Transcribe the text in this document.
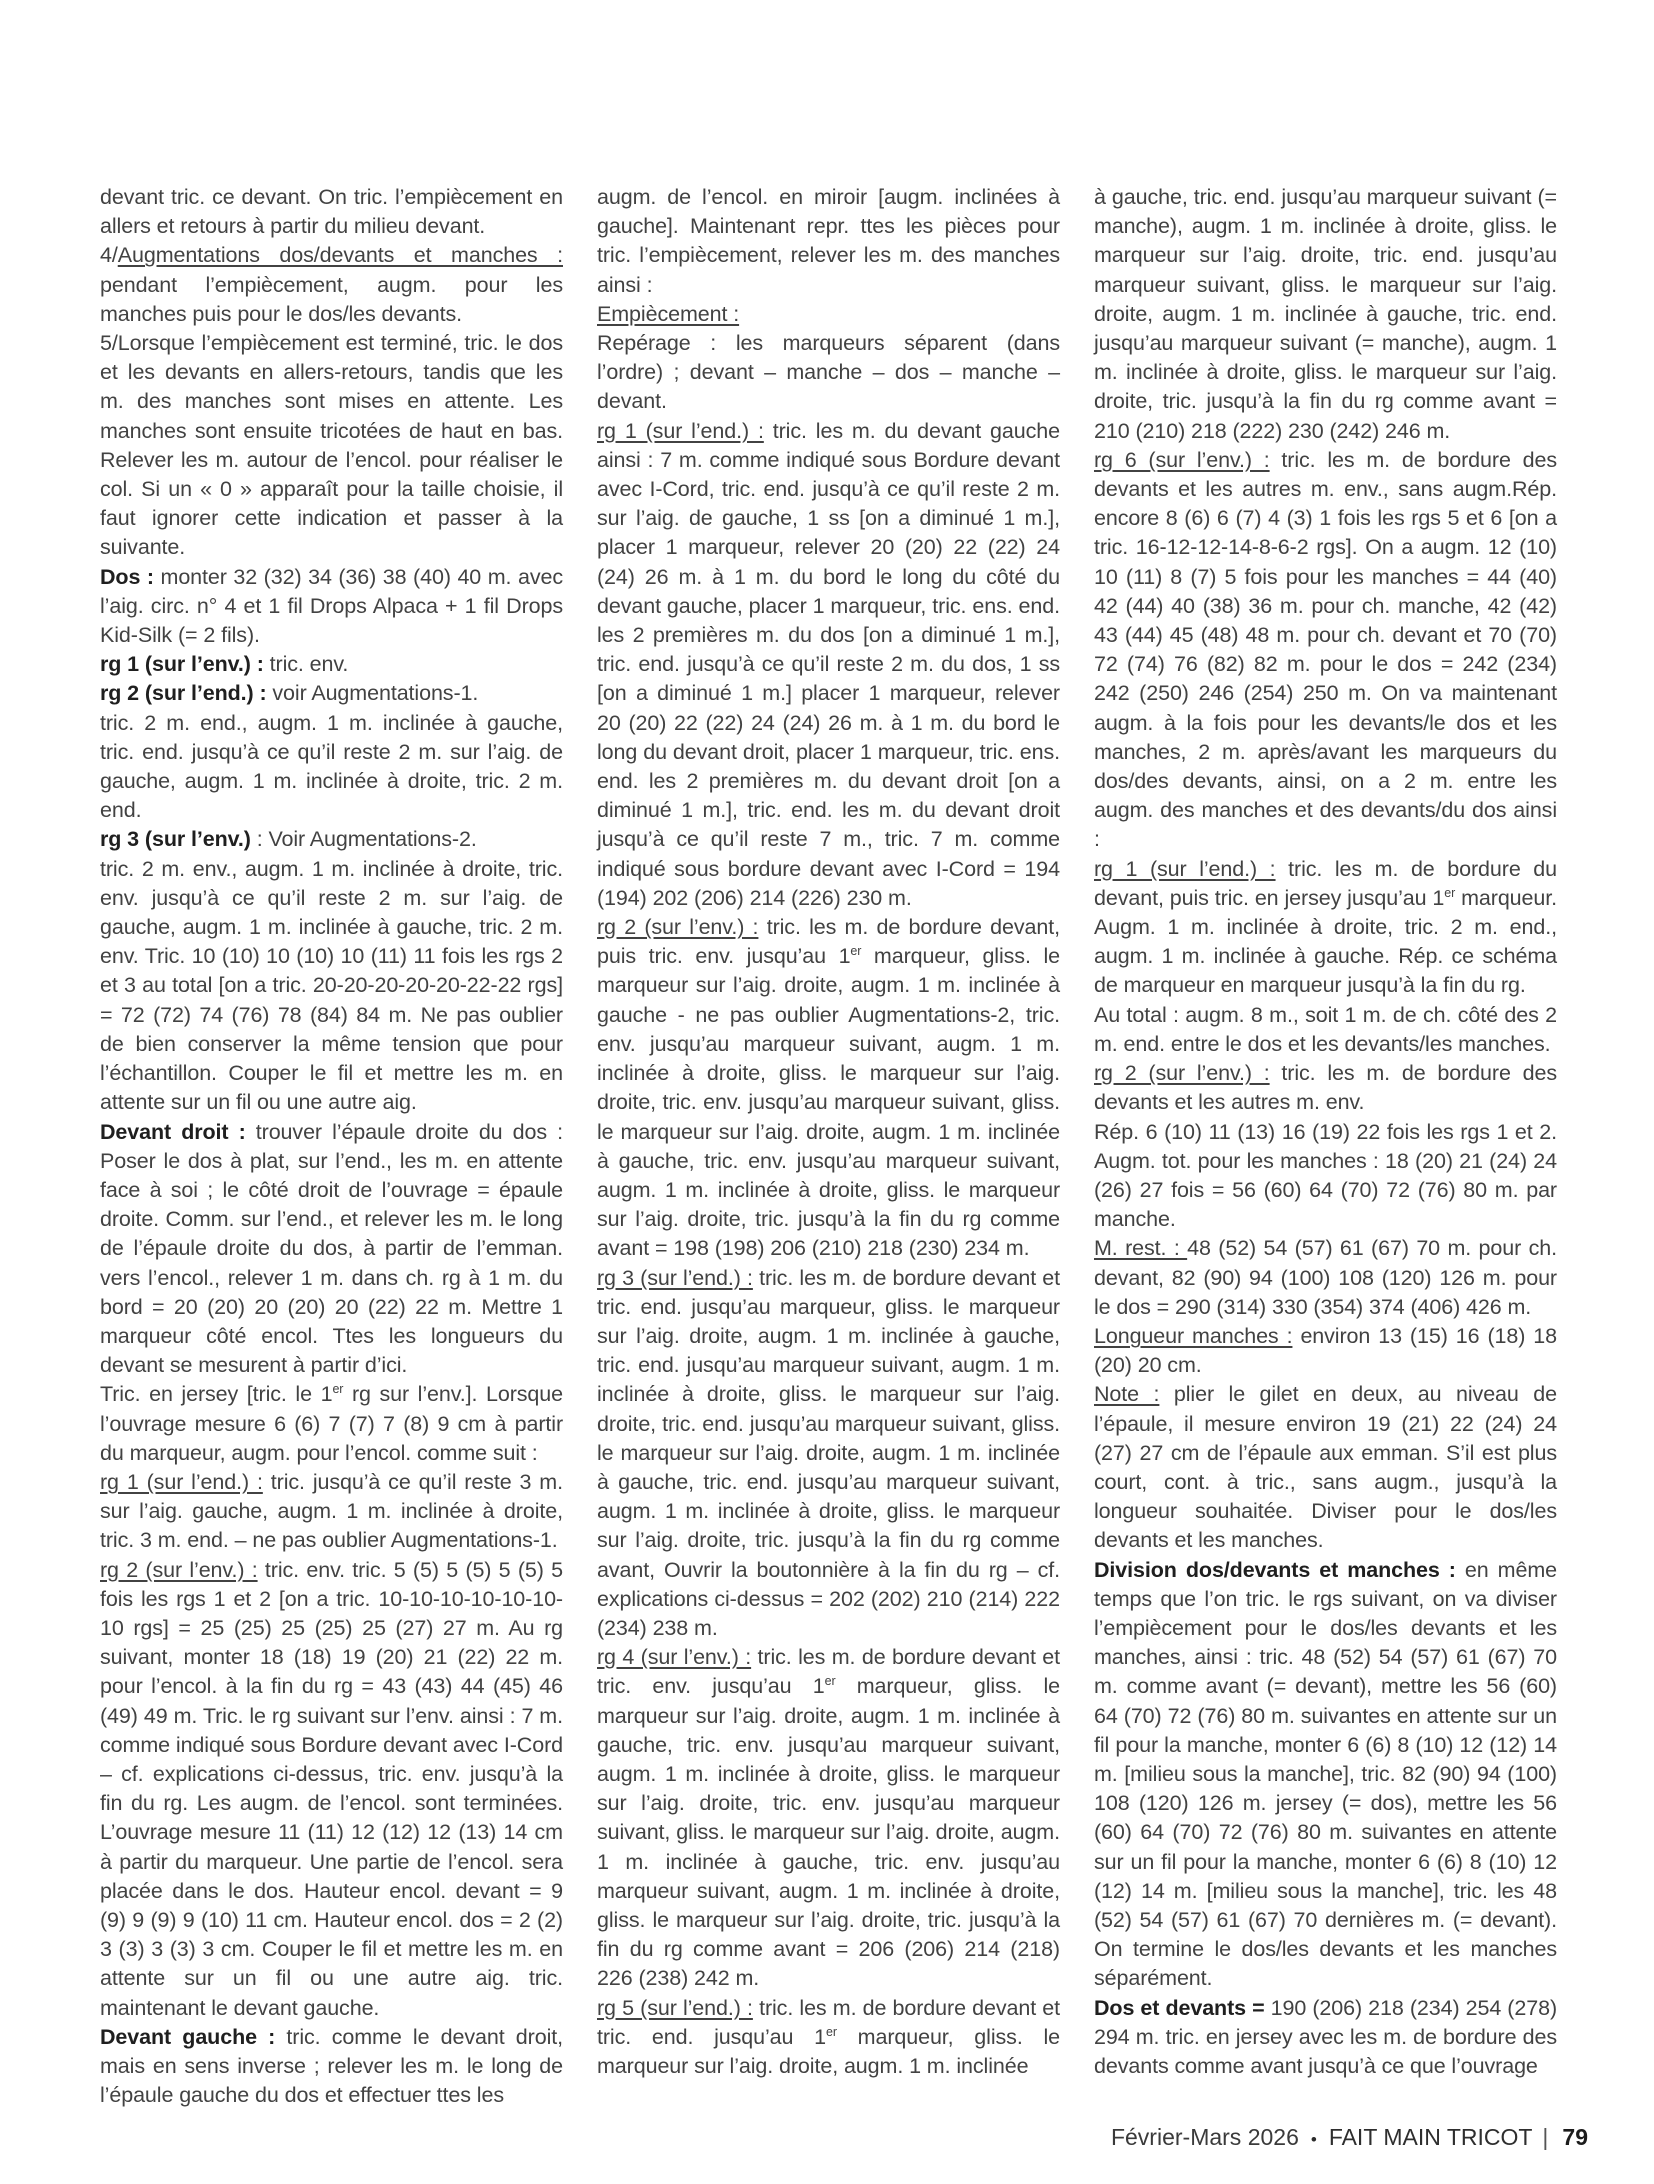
devant tric. ce devant. On tric. l’empiècement en allers et retours à partir du milieu devant.

4/Augmentations dos/devants et manches : pendant l’empiècement, augm. pour les manches puis pour le dos/les devants.

5/Lorsque l’empiècement est terminé, tric. le dos et les devants en allers-retours, tandis que les m. des manches sont mises en attente. Les manches sont ensuite tricotées de haut en bas. Relever les m. autour de l’encol. pour réaliser le col. Si un « 0 » apparaît pour la taille choisie, il faut ignorer cette indication et passer à la suivante.

Dos : monter 32 (32) 34 (36) 38 (40) 40 m. avec l’aig. circ. n° 4 et 1 fil Drops Alpaca + 1 fil Drops Kid-Silk (= 2 fils).

rg 1 (sur l’env.) : tric. env.

rg 2 (sur l’end.) : voir Augmentations-1.

tric. 2 m. end., augm. 1 m. inclinée à gauche, tric. end. jusqu’à ce qu’il reste 2 m. sur l’aig. de gauche, augm. 1 m. inclinée à droite, tric. 2 m. end.

rg 3 (sur l’env.) : Voir Augmentations-2.

tric. 2 m. env., augm. 1 m. inclinée à droite, tric. env. jusqu’à ce qu’il reste 2 m. sur l’aig. de gauche, augm. 1 m. inclinée à gauche, tric. 2 m. env. Tric. 10 (10) 10 (10) 10 (11) 11 fois les rgs 2 et 3 au total [on a tric. 20-20-20-20-20-22-22 rgs] = 72 (72) 74 (76) 78 (84) 84 m. Ne pas oublier de bien conserver la même tension que pour l’échantillon. Couper le fil et mettre les m. en attente sur un fil ou une autre aig.

Devant droit : trouver l’épaule droite du dos : Poser le dos à plat, sur l’end., les m. en attente face à soi ; le côté droit de l’ouvrage = épaule droite. Comm. sur l’end., et relever les m. le long de l’épaule droite du dos, à partir de l’emman. vers l’encol., relever 1 m. dans ch. rg à 1 m. du bord = 20 (20) 20 (20) 20 (22) 22 m. Mettre 1 marqueur côté encol. Ttes les longueurs du devant se mesurent à partir d’ici.

Tric. en jersey [tric. le 1er rg sur l’env.]. Lorsque l’ouvrage mesure 6 (6) 7 (7) 7 (8) 9 cm à partir du marqueur, augm. pour l’encol. comme suit :

rg 1 (sur l’end.) : tric. jusqu’à ce qu’il reste 3 m. sur l’aig. gauche, augm. 1 m. inclinée à droite, tric. 3 m. end. – ne pas oublier Augmentations-1.

rg 2 (sur l’env.) : tric. env. tric. 5 (5) 5 (5) 5 (5) 5 fois les rgs 1 et 2 [on a tric. 10-10-10-10-10-10-10 rgs] = 25 (25) 25 (25) 25 (27) 27 m. Au rg suivant, monter 18 (18) 19 (20) 21 (22) 22 m. pour l’encol. à la fin du rg = 43 (43) 44 (45) 46 (49) 49 m. Tric. le rg suivant sur l’env. ainsi : 7 m. comme indiqué sous Bordure devant avec I-Cord – cf. explications ci-dessus, tric. env. jusqu’à la fin du rg. Les augm. de l’encol. sont terminées. L’ouvrage mesure 11 (11) 12 (12) 12 (13) 14 cm à partir du marqueur. Une partie de l’encol. sera placée dans le dos. Hauteur encol. devant = 9 (9) 9 (9) 9 (10) 11 cm. Hauteur encol. dos = 2 (2) 3 (3) 3 (3) 3 cm. Couper le fil et mettre les m. en attente sur un fil ou une autre aig. tric. maintenant le devant gauche.

Devant gauche : tric. comme le devant droit, mais en sens inverse ; relever les m. le long de l’épaule gauche du dos et effectuer ttes les

augm. de l’encol. en miroir [augm. inclinées à gauche]. Maintenant repr. ttes les pièces pour tric. l’empiècement, relever les m. des manches ainsi :

Empiècement :

Repérage : les marqueurs séparent (dans l’ordre) ; devant – manche – dos – manche – devant.

rg 1 (sur l’end.) : tric. les m. du devant gauche ainsi : 7 m. comme indiqué sous Bordure devant avec I-Cord, tric. end. jusqu’à ce qu’il reste 2 m. sur l’aig. de gauche, 1 ss [on a diminué 1 m.], placer 1 marqueur, relever 20 (20) 22 (22) 24 (24) 26 m. à 1 m. du bord le long du côté du devant gauche, placer 1 marqueur, tric. ens. end. les 2 premières m. du dos [on a diminué 1 m.], tric. end. jusqu’à ce qu’il reste 2 m. du dos, 1 ss [on a diminué 1 m.] placer 1 marqueur, relever 20 (20) 22 (22) 24 (24) 26 m. à 1 m. du bord le long du devant droit, placer 1 marqueur, tric. ens. end. les 2 premières m. du devant droit [on a diminué 1 m.], tric. end. les m. du devant droit jusqu’à ce qu’il reste 7 m., tric. 7 m. comme indiqué sous bordure devant avec I-Cord = 194 (194) 202 (206) 214 (226) 230 m.

rg 2 (sur l’env.) : tric. les m. de bordure devant, puis tric. env. jusqu’au 1er marqueur, gliss. le marqueur sur l’aig. droite, augm. 1 m. inclinée à gauche - ne pas oublier Augmentations-2, tric. env. jusqu’au marqueur suivant, augm. 1 m. inclinée à droite, gliss. le marqueur sur l’aig. droite, tric. env. jusqu’au marqueur suivant, gliss. le marqueur sur l’aig. droite, augm. 1 m. inclinée à gauche, tric. env. jusqu’au marqueur suivant, augm. 1 m. inclinée à droite, gliss. le marqueur sur l’aig. droite, tric. jusqu’à la fin du rg comme avant = 198 (198) 206 (210) 218 (230) 234 m.

rg 3 (sur l’end.) : tric. les m. de bordure devant et tric. end. jusqu’au marqueur, gliss. le marqueur sur l’aig. droite, augm. 1 m. inclinée à gauche, tric. end. jusqu’au marqueur suivant, augm. 1 m. inclinée à droite, gliss. le marqueur sur l’aig. droite, tric. end. jusqu’au marqueur suivant, gliss. le marqueur sur l’aig. droite, augm. 1 m. inclinée à gauche, tric. end. jusqu’au marqueur suivant, augm. 1 m. inclinée à droite, gliss. le marqueur sur l’aig. droite, tric. jusqu’à la fin du rg comme avant, Ouvrir la boutonnière à la fin du rg – cf. explications ci-dessus = 202 (202) 210 (214) 222 (234) 238 m.

rg 4 (sur l’env.) : tric. les m. de bordure devant et tric. env. jusqu’au 1er marqueur, gliss. le marqueur sur l’aig. droite, augm. 1 m. inclinée à gauche, tric. env. jusqu’au marqueur suivant, augm. 1 m. inclinée à droite, gliss. le marqueur sur l’aig. droite, tric. env. jusqu’au marqueur suivant, gliss. le marqueur sur l’aig. droite, augm. 1 m. inclinée à gauche, tric. env. jusqu’au marqueur suivant, augm. 1 m. inclinée à droite, gliss. le marqueur sur l’aig. droite, tric. jusqu’à la fin du rg comme avant = 206 (206) 214 (218) 226 (238) 242 m.

rg 5 (sur l’end.) : tric. les m. de bordure devant et tric. end. jusqu’au 1er marqueur, gliss. le marqueur sur l’aig. droite, augm. 1 m. inclinée

à gauche, tric. end. jusqu’au marqueur suivant (= manche), augm. 1 m. inclinée à droite, gliss. le marqueur sur l’aig. droite, tric. end. jusqu’au marqueur suivant, gliss. le marqueur sur l’aig. droite, augm. 1 m. inclinée à gauche, tric. end. jusqu’au marqueur suivant (= manche), augm. 1 m. inclinée à droite, gliss. le marqueur sur l’aig. droite, tric. jusqu’à la fin du rg comme avant = 210 (210) 218 (222) 230 (242) 246 m.

rg 6 (sur l’env.) : tric. les m. de bordure des devants et les autres m. env., sans augm.Rép. encore 8 (6) 6 (7) 4 (3) 1 fois les rgs 5 et 6 [on a tric. 16-12-12-14-8-6-2 rgs]. On a augm. 12 (10) 10 (11) 8 (7) 5 fois pour les manches = 44 (40) 42 (44) 40 (38) 36 m. pour ch. manche, 42 (42) 43 (44) 45 (48) 48 m. pour ch. devant et 70 (70) 72 (74) 76 (82) 82 m. pour le dos = 242 (234) 242 (250) 246 (254) 250 m. On va maintenant augm. à la fois pour les devants/le dos et les manches, 2 m. après/avant les marqueurs du dos/des devants, ainsi, on a 2 m. entre les augm. des manches et des devants/du dos ainsi :

rg 1 (sur l’end.) : tric. les m. de bordure du devant, puis tric. en jersey jusqu’au 1er marqueur. Augm. 1 m. inclinée à droite, tric. 2 m. end., augm. 1 m. inclinée à gauche. Rép. ce schéma de marqueur en marqueur jusqu’à la fin du rg.

Au total : augm. 8 m., soit 1 m. de ch. côté des 2 m. end. entre le dos et les devants/les manches.

rg 2 (sur l’env.) : tric. les m. de bordure des devants et les autres m. env.

Rép. 6 (10) 11 (13) 16 (19) 22 fois les rgs 1 et 2. Augm. tot. pour les manches : 18 (20) 21 (24) 24 (26) 27 fois = 56 (60) 64 (70) 72 (76) 80 m. par manche.

M. rest. : 48 (52) 54 (57) 61 (67) 70 m. pour ch. devant, 82 (90) 94 (100) 108 (120) 126 m. pour le dos = 290 (314) 330 (354) 374 (406) 426 m.

Longueur manches : environ 13 (15) 16 (18) 18 (20) 20 cm.

Note : plier le gilet en deux, au niveau de l’épaule, il mesure environ 19 (21) 22 (24) 24 (27) 27 cm de l’épaule aux emman. S’il est plus court, cont. à tric., sans augm., jusqu’à la longueur souhaitée. Diviser pour le dos/les devants et les manches.

Division dos/devants et manches : en même temps que l’on tric. le rgs suivant, on va diviser l’empiècement pour le dos/les devants et les manches, ainsi : tric. 48 (52) 54 (57) 61 (67) 70 m. comme avant (= devant), mettre les 56 (60) 64 (70) 72 (76) 80 m. suivantes en attente sur un fil pour la manche, monter 6 (6) 8 (10) 12 (12) 14 m. [milieu sous la manche], tric. 82 (90) 94 (100) 108 (120) 126 m. jersey (= dos), mettre les 56 (60) 64 (70) 72 (76) 80 m. suivantes en attente sur un fil pour la manche, monter 6 (6) 8 (10) 12 (12) 14 m. [milieu sous la manche], tric. les 48 (52) 54 (57) 61 (67) 70 dernières m. (= devant). On termine le dos/les devants et les manches séparément.

Dos et devants = 190 (206) 218 (234) 254 (278) 294 m. tric. en jersey avec les m. de bordure des devants comme avant jusqu’à ce que l’ouvrage

Février-Mars 2026 • FAIT MAIN TRICOT | 79
